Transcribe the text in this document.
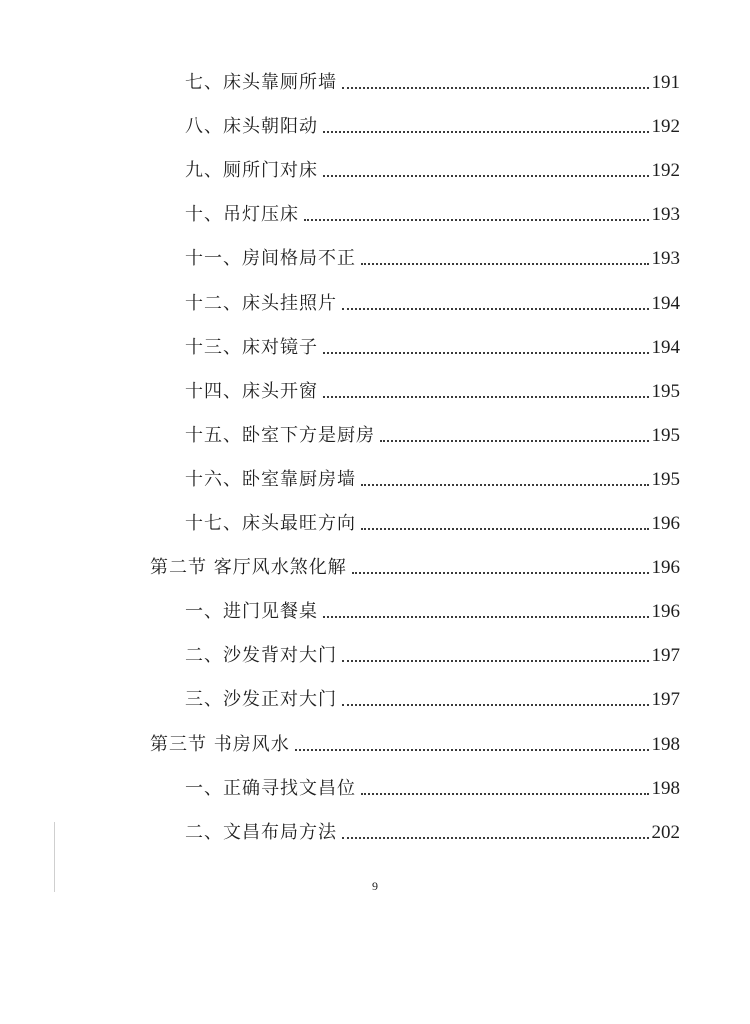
七、床头靠厕所墙	191
八、床头朝阳动	192
九、厕所门对床	192
十、吊灯压床	193
十一、房间格局不正	193
十二、床头挂照片	194
十三、床对镜子	194
十四、床头开窗	195
十五、卧室下方是厨房	195
十六、卧室靠厨房墙	195
十七、床头最旺方向	196
第二节 客厅风水煞化解	196
一、进门见餐桌	196
二、沙发背对大门	197
三、沙发正对大门	197
第三节 书房风水	198
一、正确寻找文昌位	198
二、文昌布局方法	202
9
